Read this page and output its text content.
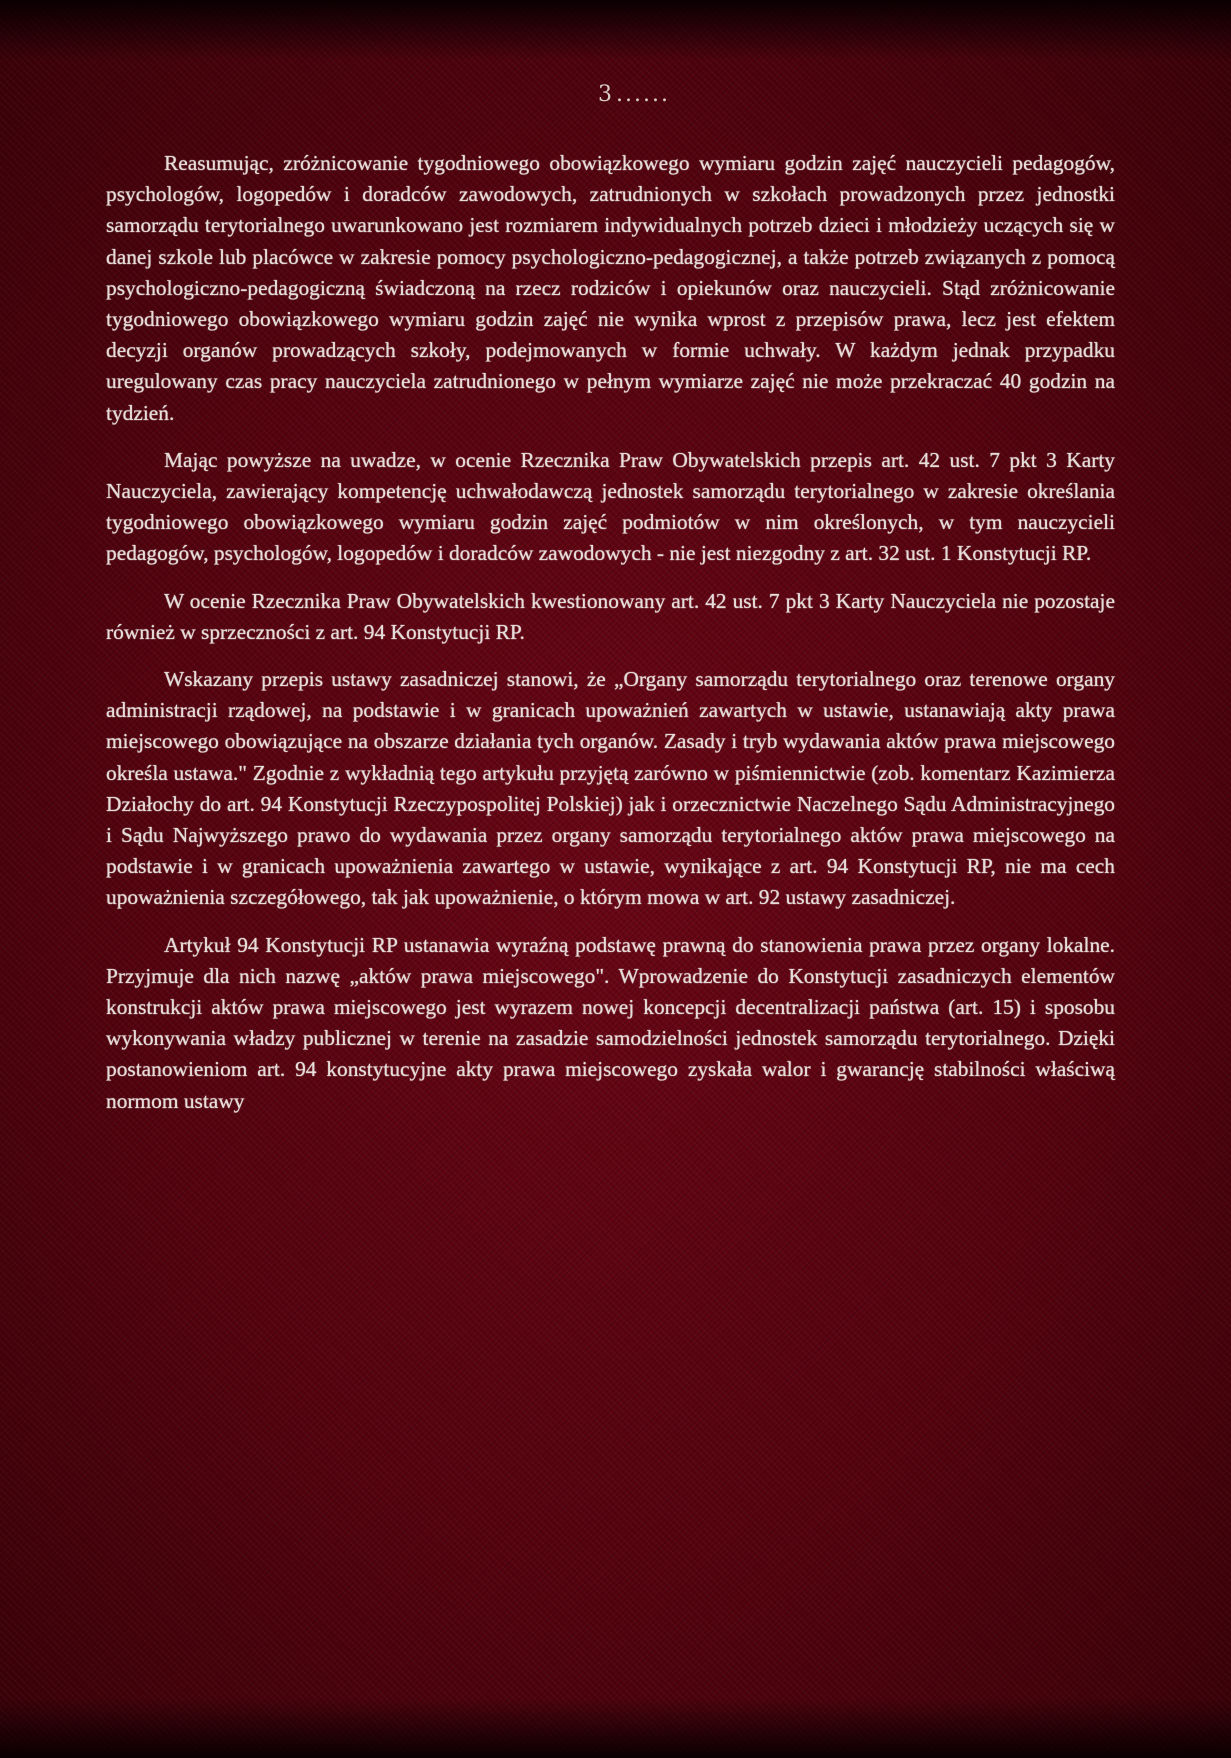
3 ......

Reasumując, zróżnicowanie tygodniowego obowiązkowego wymiaru godzin zajęć nauczycieli pedagogów, psychologów, logopedów i doradców zawodowych, zatrudnionych w szkołach prowadzonych przez jednostki samorządu terytorialnego uwarunkowano jest rozmiarem indywidualnych potrzeb dzieci i młodzieży uczących się w danej szkole lub placówce w zakresie pomocy psychologiczno-pedagogicznej, a także potrzeb związanych z pomocą psychologiczno-pedagogiczną świadczoną na rzecz rodziców i opiekunów oraz nauczycieli. Stąd zróżnicowanie tygodniowego obowiązkowego wymiaru godzin zajęć nie wynika wprost z przepisów prawa, lecz jest efektem decyzji organów prowadzących szkoły, podejmowanych w formie uchwały. W każdym jednak przypadku uregulowany czas pracy nauczyciela zatrudnionego w pełnym wymiarze zajęć nie może przekraczać 40 godzin na tydzień.

Mając powyższe na uwadze, w ocenie Rzecznika Praw Obywatelskich przepis art. 42 ust. 7 pkt 3 Karty Nauczyciela, zawierający kompetencję uchwałodawczą jednostek samorządu terytorialnego w zakresie określania tygodniowego obowiązkowego wymiaru godzin zajęć podmiotów w nim określonych, w tym nauczycieli pedagogów, psychologów, logopedów i doradców zawodowych - nie jest niezgodny z art. 32 ust. 1 Konstytucji RP.

W ocenie Rzecznika Praw Obywatelskich kwestionowany art. 42 ust. 7 pkt 3 Karty Nauczyciela nie pozostaje również w sprzeczności z art. 94 Konstytucji RP.

Wskazany przepis ustawy zasadniczej stanowi, że „Organy samorządu terytorialnego oraz terenowe organy administracji rządowej, na podstawie i w granicach upoważnień zawartych w ustawie, ustanawiają akty prawa miejscowego obowiązujące na obszarze działania tych organów. Zasady i tryb wydawania aktów prawa miejscowego określa ustawa." Zgodnie z wykładnią tego artykułu przyjętą zarówno w piśmiennictwie (zob. komentarz Kazimierza Działochy do art. 94 Konstytucji Rzeczypospolitej Polskiej) jak i orzecznictwie Naczelnego Sądu Administracyjnego i Sądu Najwyższego prawo do wydawania przez organy samorządu terytorialnego aktów prawa miejscowego na podstawie i w granicach upoważnienia zawartego w ustawie, wynikające z art. 94 Konstytucji RP, nie ma cech upoważnienia szczegółowego, tak jak upoważnienie, o którym mowa w art. 92 ustawy zasadniczej.

Artykuł 94 Konstytucji RP ustanawia wyraźną podstawę prawną do stanowienia prawa przez organy lokalne. Przyjmuje dla nich nazwę „aktów prawa miejscowego". Wprowadzenie do Konstytucji zasadniczych elementów konstrukcji aktów prawa miejscowego jest wyrazem nowej koncepcji decentralizacji państwa (art. 15) i sposobu wykonywania władzy publicznej w terenie na zasadzie samodzielności jednostek samorządu terytorialnego. Dzięki postanowieniom art. 94 konstytucyjne akty prawa miejscowego zyskała walor i gwarancję stabilności właściwą normom ustawy
